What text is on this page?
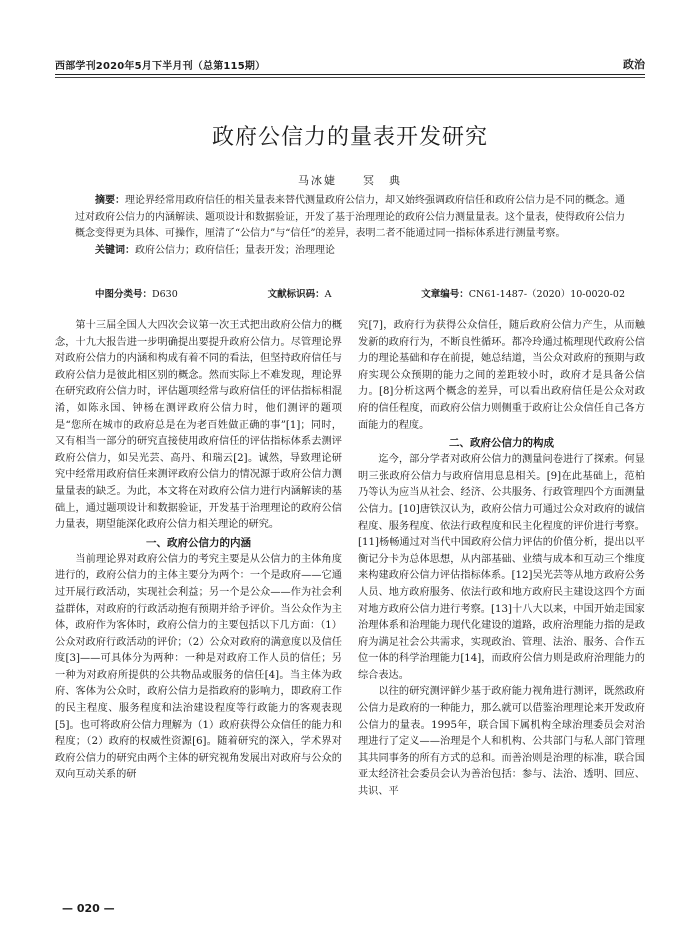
西部学刊2020年5月下半月刊（总第115期）	政治
政府公信力的量表开发研究
马冰婕　　冥　典

摘要：理论界经常用政府信任的相关量表来替代测量政府公信力，却又始终强调政府信任和政府公信力是不同的概念。通过对政府公信力的内涵解读、题项设计和数据验证，开发了基于治理理论的政府公信力测量量表。这个量表，使得政府公信力概念变得更为具体、可操作，厘清了“公信力”与“信任”的差异，表明二者不能通过同一指标体系进行测量考察。

关键词：政府公信力；政府信任；量表开发；治理理论

中图分类号：D630	文献标识码：A	文章编号：CN61-1487-（2020）10-0020-02

第十三届全国人大四次会议第一次王式把出政府公信力的概念，十九大报告进一步明确提出要提升政府公信力。尽管理论界对政府公信力的内涵和构成有着不同的看法，但坚持政府信任与政府公信力是彼此相区别的概念。然而实际上不难发现，理论界在研究政府公信力时，评估题项经常与政府信任的评估指标相混淆，如陈永国、钟杨在测评政府公信力时，他们测评的题项是“您所在城市的政府总是在为老百姓做正确的事”[1]；同时，又有相当一部分的研究直接使用政府信任的评估指标体系去测评政府公信力，如吴光芸、高丹、和瑞云[2]。诚然，导致理论研究中经常用政府信任来测评政府公信力的情况源于政府公信力测量量表的缺乏。为此，本文将在对政府公信力进行内涵解读的基础上，通过题项设计和数据验证，开发基于治理理论的政府公信力量表，期望能深化政府公信力相关理论的研究。

一、政府公信力的内涵

当前理论界对政府公信力的考究主要是从公信力的主体角度进行的，政府公信力的主体主要分为两个：一个是政府——它通过开展行政活动，实现社会利益；另一个是公众——作为社会利益群体，对政府的行政活动抱有预期并给予评价。当公众作为主体，政府作为客体时，政府公信力的主要包括以下几方面：（1）公众对政府行政活动的评价；（2）公众对政府的满意度以及信任度[3]——可具体分为两种：一种是对政府工作人员的信任；另一种为对政府所提供的公共物品或服务的信任[4]。当主体为政府、客体为公众时，政府公信力是指政府的影响力，即政府工作的民主程度、服务程度和法治建设程度等行政能力的客观表现[5]。也可将政府公信力理解为（1）政府获得公众信任的能力和程度；（2）政府的权威性资源[6]。随着研究的深入，学术界对政府公信力的研究由两个主体的研究视角发展出对政府与公众的双向互动关系的研

究[7]，政府行为获得公众信任，随后政府公信力产生，从而触发新的政府行为，不断良性循环。都冷玲通过梳理现代政府公信力的理论基础和存在前提，她总结道，当公众对政府的预期与政府实现公众预期的能力之间的差距较小时，政府才是具备公信力。[8]分析这两个概念的差异，可以看出政府信任是公众对政府的信任程度，而政府公信力则侧重于政府让公众信任自己各方面能力的程度。

二、政府公信力的构成

迄今，部分学者对政府公信力的测量问卷进行了探索。何显明三张政府公信力与政府信用息息相关。[9]在此基础上，范柏乃等认为应当从社会、经济、公共服务、行政管理四个方面测量公信力。[10]唐铁汉认为，政府公信力可通过公众对政府的诚信程度、服务程度、依法行政程度和民主化程度的评价进行考察。[11]杨畅通过对当代中国政府公信力评估的价值分析，提出以平衡记分卡为总体思想，从内部基础、业绩与成本和互动三个维度来构建政府公信力评估指标体系。[12]吴光芸等从地方政府公务人员、地方政府服务、依法行政和地方政府民主建设这四个方面对地方政府公信力进行考察。[13]十八大以来，中国开始走国家治理体系和治理能力现代化建设的道路，政府治理能力指的是政府为满足社会公共需求，实现政治、管理、法治、服务、合作五位一体的科学治理能力[14]，而政府公信力则是政府治理能力的综合表达。

以往的研究测评鲜少基于政府能力视角进行测评，既然政府公信力是政府的一种能力，那么就可以借鉴治理理论来开发政府公信力的量表。1995年，联合国下属机构全球治理委员会对治理进行了定义——治理是个人和机构、公共部门与私人部门管理其共同事务的所有方式的总和。而善治则是治理的标准，联合国亚太经济社会委员会认为善治包括：参与、法治、透明、回应、共识、平

— 020 —
